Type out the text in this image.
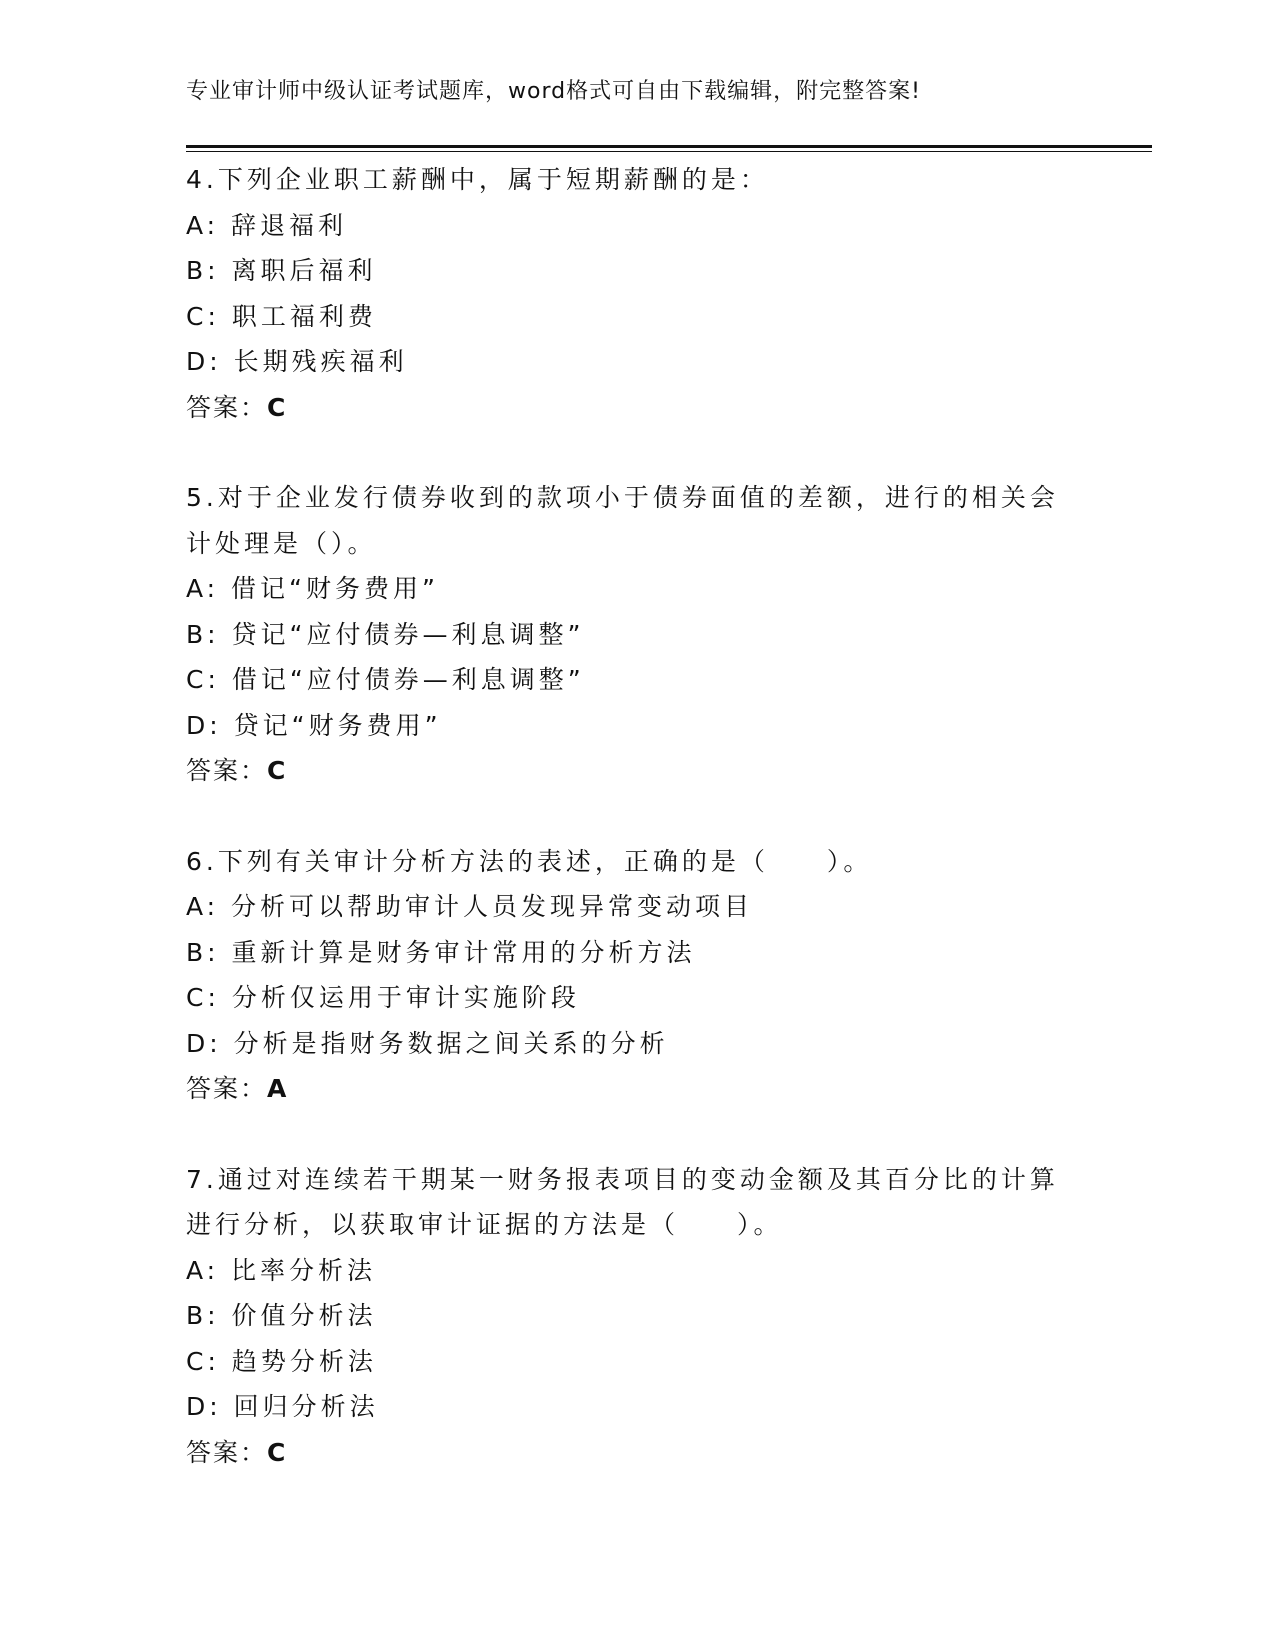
专业审计师中级认证考试题库，word格式可自由下载编辑，附完整答案!
4.下列企业职工薪酬中，属于短期薪酬的是：
A: 辞退福利
B: 离职后福利
C: 职工福利费
D: 长期残疾福利
答案：C
5.对于企业发行债券收到的款项小于债券面值的差额，进行的相关会
计处理是（）。
A: 借记“财务费用”
B: 贷记“应付债券—利息调整”
C: 借记“应付债券—利息调整”
D: 贷记“财务费用”
答案：C
6.下列有关审计分析方法的表述，正确的是（　　）。
A: 分析可以帮助审计人员发现异常变动项目
B: 重新计算是财务审计常用的分析方法
C: 分析仅运用于审计实施阶段
D: 分析是指财务数据之间关系的分析
答案：A
7.通过对连续若干期某一财务报表项目的变动金额及其百分比的计算
进行分析，以获取审计证据的方法是（　　）。
A: 比率分析法
B: 价值分析法
C: 趋势分析法
D: 回归分析法
答案：C
